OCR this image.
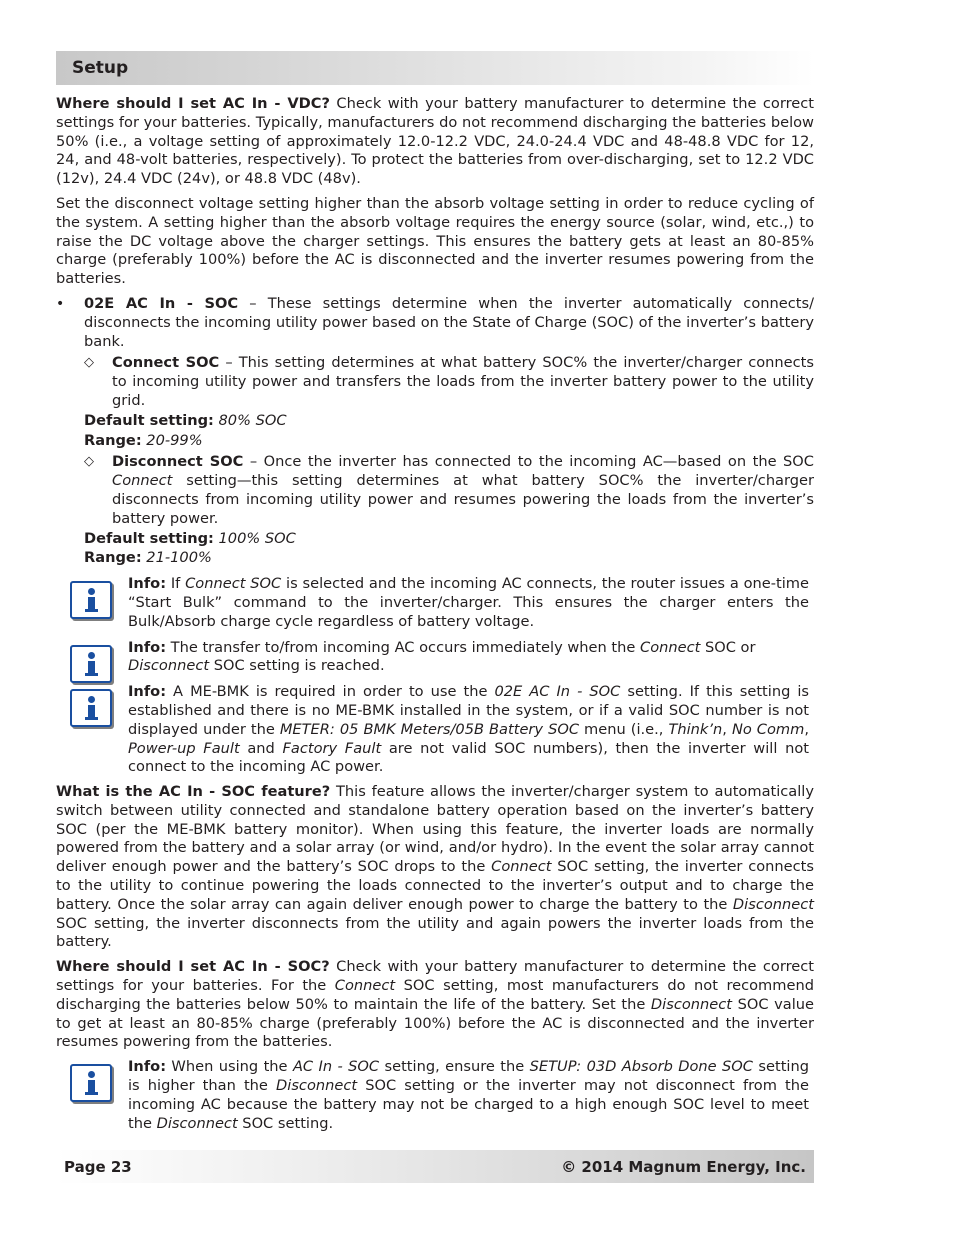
Setup

Where should I set AC In - VDC? Check with your battery manufacturer to determine the correct settings for your batteries. Typically, manufacturers do not recommend discharging the batteries below 50% (i.e., a voltage setting of approximately 12.0-12.2 VDC, 24.0-24.4 VDC and 48-48.8 VDC for 12, 24, and 48-volt batteries, respectively). To protect the batteries from over-discharging, set to 12.2 VDC (12v), 24.4 VDC (24v), or 48.8 VDC (48v).

Set the disconnect voltage setting higher than the absorb voltage setting in order to reduce cycling of the system. A setting higher than the absorb voltage requires the energy source (solar, wind, etc.,) to raise the DC voltage above the charger settings. This ensures the battery gets at least an 80-85% charge (preferably 100%) before the AC is disconnected and the inverter resumes powering from the batteries.

• 02E AC In - SOC – These settings determine when the inverter automatically connects/ disconnects the incoming utility power based on the State of Charge (SOC) of the inverter’s battery bank.

◇ Connect SOC – This setting determines at what battery SOC% the inverter/charger connects to incoming utility power and transfers the loads from the inverter battery power to the utility grid.

Default setting: 80% SOC

Range: 20-99%

◇ Disconnect SOC – Once the inverter has connected to the incoming AC—based on the SOC Connect setting—this setting determines at what battery SOC% the inverter/charger disconnects from incoming utility power and resumes powering the loads from the inverter’s battery power.

Default setting: 100% SOC

Range: 21-100%

Info: If Connect SOC is selected and the incoming AC connects, the router issues a one-time “Start Bulk” command to the inverter/charger. This ensures the charger enters the Bulk/Absorb charge cycle regardless of battery voltage.

Info: The transfer to/from incoming AC occurs immediately when the Connect SOC or Disconnect SOC setting is reached.

Info: A ME-BMK is required in order to use the 02E AC In - SOC setting. If this setting is established and there is no ME-BMK installed in the system, or if a valid SOC number is not displayed under the METER: 05 BMK Meters/05B Battery SOC menu (i.e., Think’n, No Comm, Power-up Fault and Factory Fault are not valid SOC numbers), then the inverter will not connect to the incoming AC power.

What is the AC In - SOC feature? This feature allows the inverter/charger system to automatically switch between utility connected and standalone battery operation based on the inverter’s battery SOC (per the ME-BMK battery monitor). When using this feature, the inverter loads are normally powered from the battery and a solar array (or wind, and/or hydro). In the event the solar array cannot deliver enough power and the battery’s SOC drops to the Connect SOC setting, the inverter connects to the utility to continue powering the loads connected to the inverter’s output and to charge the battery. Once the solar array can again deliver enough power to charge the battery to the Disconnect SOC setting, the inverter disconnects from the utility and again powers the inverter loads from the battery.

Where should I set AC In - SOC? Check with your battery manufacturer to determine the correct settings for your batteries. For the Connect SOC setting, most manufacturers do not recommend discharging the batteries below 50% to maintain the life of the battery. Set the Disconnect SOC value to get at least an 80-85% charge (preferably 100%) before the AC is disconnected and the inverter resumes powering from the batteries.

Info: When using the AC In - SOC setting, ensure the SETUP: 03D Absorb Done SOC setting is higher than the Disconnect SOC setting or the inverter may not disconnect from the incoming AC because the battery may not be charged to a high enough SOC level to meet the Disconnect SOC setting.

Page 23	© 2014 Magnum Energy, Inc.
